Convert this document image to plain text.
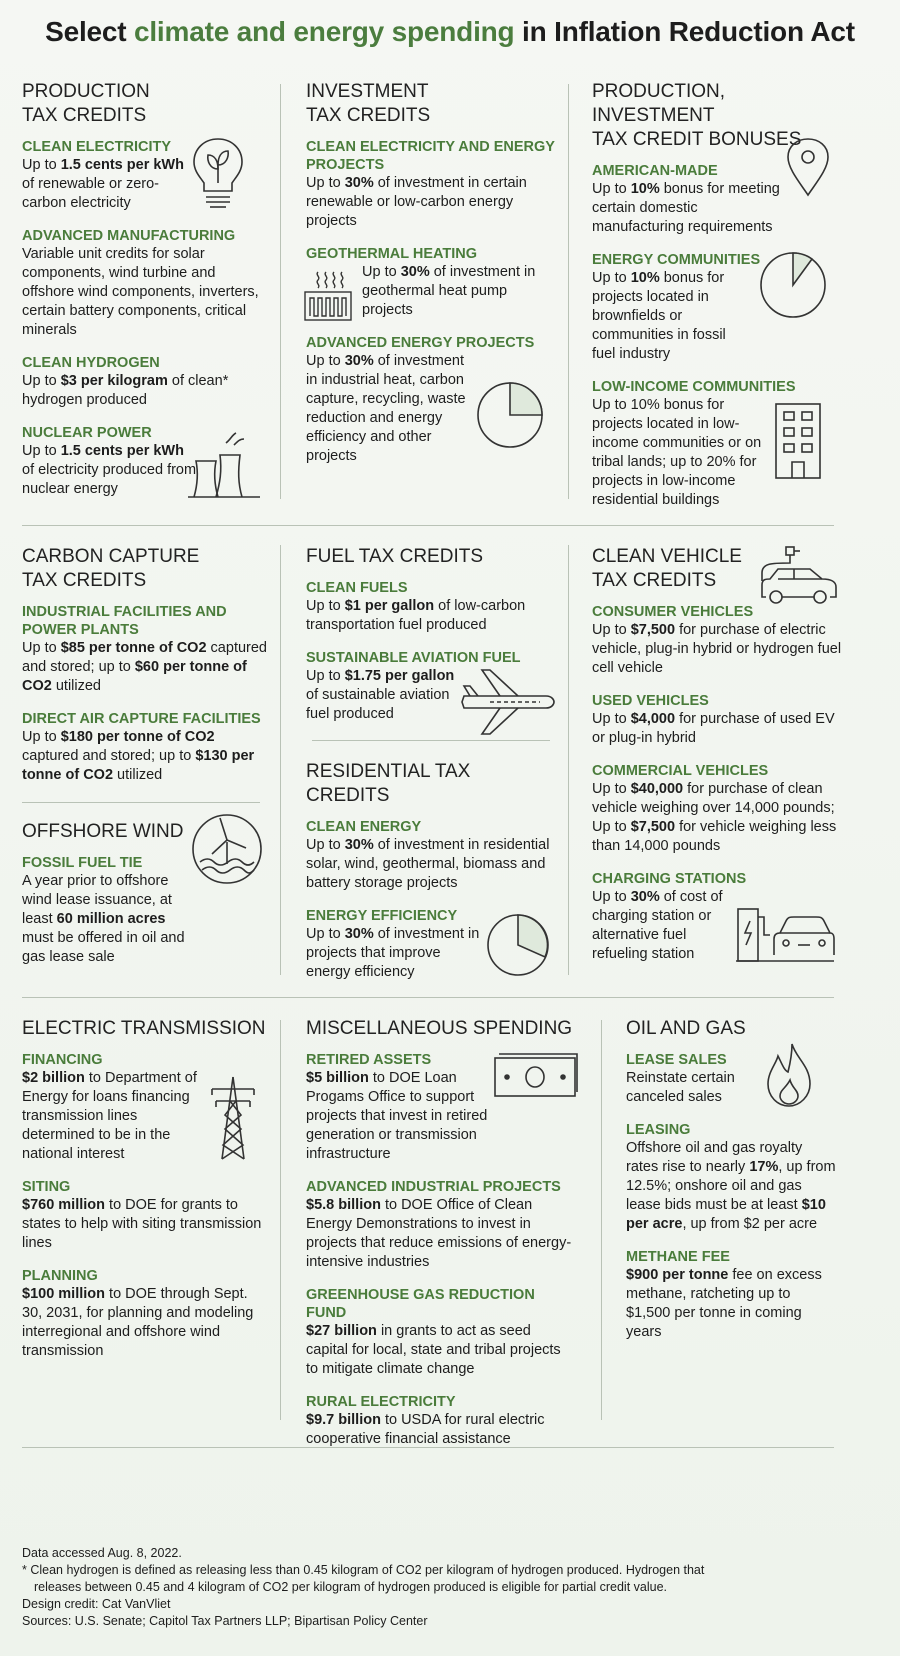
Select climate and energy spending in Inflation Reduction Act
PRODUCTION
TAX CREDITS
CLEAN ELECTRICITY
Up to 1.5 cents per kWh of renewable or zero-carbon electricity
ADVANCED MANUFACTURING
Variable unit credits for solar components, wind turbine and offshore wind components, inverters, certain battery components, critical minerals
CLEAN HYDROGEN
Up to $3 per kilogram of clean* hydrogen produced
NUCLEAR POWER
Up to 1.5 cents per kWh of electricity produced from nuclear energy
INVESTMENT
TAX CREDITS
CLEAN ELECTRICITY AND ENERGY PROJECTS
Up to 30% of investment in certain renewable or low-carbon energy projects
GEOTHERMAL HEATING
Up to 30% of investment in geothermal heat pump projects
ADVANCED ENERGY PROJECTS
Up to 30% of investment in industrial heat, carbon capture, recycling, waste reduction and energy efficiency and other projects
PRODUCTION, INVESTMENT
TAX CREDIT BONUSES
AMERICAN-MADE
Up to 10% bonus for meeting certain domestic manufacturing requirements
ENERGY COMMUNITIES
Up to 10% bonus for projects located in brownfields or communities in fossil fuel industry
LOW-INCOME COMMUNITIES
Up to 10% bonus for projects located in low-income communities or on tribal lands; up to 20% for projects in low-income residential buildings
CARBON CAPTURE
TAX CREDITS
INDUSTRIAL FACILITIES AND POWER PLANTS
Up to $85 per tonne of CO2 captured and stored; up to $60 per tonne of CO2 utilized
DIRECT AIR CAPTURE FACILITIES
Up to $180 per tonne of CO2 captured and stored; up to $130 per tonne of CO2 utilized
OFFSHORE WIND
FOSSIL FUEL TIE
A year prior to offshore wind lease issuance, at least 60 million acres must be offered in oil and gas lease sale
FUEL TAX CREDITS
CLEAN FUELS
Up to $1 per gallon of low-carbon transportation fuel produced
SUSTAINABLE AVIATION FUEL
Up to $1.75 per gallon of sustainable aviation fuel produced
RESIDENTIAL TAX CREDITS
CLEAN ENERGY
Up to 30% of investment in residential solar, wind, geothermal, biomass and battery storage projects
ENERGY EFFICIENCY
Up to 30% of investment in projects that improve energy efficiency
CLEAN VEHICLE
TAX CREDITS
CONSUMER VEHICLES
Up to $7,500 for purchase of electric vehicle, plug-in hybrid or hydrogen fuel cell vehicle
USED VEHICLES
Up to $4,000 for purchase of used EV or plug-in hybrid
COMMERCIAL VEHICLES
Up to $40,000 for purchase of clean vehicle weighing over 14,000 pounds; Up to $7,500 for vehicle weighing less than 14,000 pounds
CHARGING STATIONS
Up to 30% of cost of charging station or alternative fuel refueling station
ELECTRIC TRANSMISSION
FINANCING
$2 billion to Department of Energy for loans financing transmission lines determined to be in the national interest
SITING
$760 million to DOE for grants to states to help with siting transmission lines
PLANNING
$100 million to DOE through Sept. 30, 2031, for planning and modeling interregional and offshore wind transmission
MISCELLANEOUS SPENDING
RETIRED ASSETS
$5 billion to DOE Loan Progams Office to support projects that invest in retired generation or transmission infrastructure
ADVANCED INDUSTRIAL PROJECTS
$5.8 billion to DOE Office of Clean Energy Demonstrations to invest in projects that reduce emissions of energy-intensive industries
GREENHOUSE GAS REDUCTION FUND
$27 billion in grants to act as seed capital for local, state and tribal projects to mitigate climate change
RURAL ELECTRICITY
$9.7 billion to USDA for rural electric cooperative financial assistance
OIL AND GAS
LEASE SALES
Reinstate certain canceled sales
LEASING
Offshore oil and gas royalty rates rise to nearly 17%, up from 12.5%; onshore oil and gas lease bids must be at least $10 per acre, up from $2 per acre
METHANE FEE
$900 per tonne fee on excess methane, ratcheting up to $1,500 per tonne in coming years
Data accessed Aug. 8, 2022.
* Clean hydrogen is defined as releasing less than 0.45 kilogram of CO2 per kilogram of hydrogen produced. Hydrogen that
releases between 0.45 and 4 kilogram of CO2 per kilogram of hydrogen produced is eligible for partial credit value.
Design credit: Cat VanVliet
Sources: U.S. Senate; Capitol Tax Partners LLP; Bipartisan Policy Center
